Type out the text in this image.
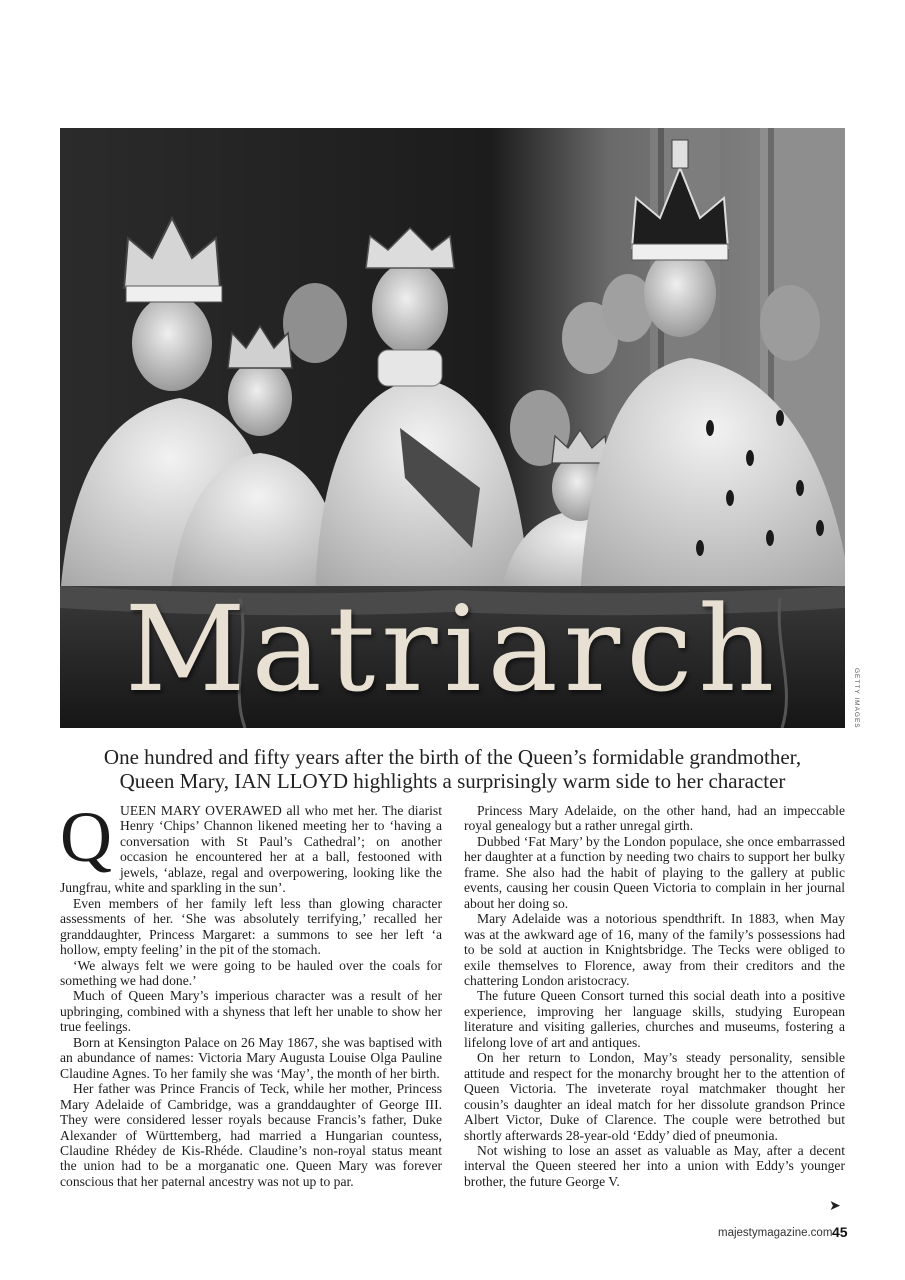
GETTY IMAGES
Matriarch
One hundred and fifty years after the birth of the Queen’s formidable grandmother,
Queen Mary, IAN LLOYD highlights a surprisingly warm side to her character

QUEEN MARY OVERAWED all who met her. The diarist Henry ‘Chips’ Channon likened meeting her to ‘having a conversation with St Paul’s Cathedral’; on another occasion he encountered her at a ball, festooned with jewels, ‘ablaze, regal and overpowering, looking like the Jungfrau, white and sparkling in the sun’.

Even members of her family left less than glowing character assessments of her. ‘She was absolutely terrifying,’ recalled her granddaughter, Princess Margaret: a summons to see her left ‘a hollow, empty feeling’ in the pit of the stomach.

‘We always felt we were going to be hauled over the coals for something we had done.’

Much of Queen Mary’s imperious character was a result of her upbringing, combined with a shyness that left her unable to show her true feelings.

Born at Kensington Palace on 26 May 1867, she was baptised with an abundance of names: Victoria Mary Augusta Louise Olga Pauline Claudine Agnes. To her family she was ‘May’, the month of her birth.

Her father was Prince Francis of Teck, while her mother, Princess Mary Adelaide of Cambridge, was a granddaughter of George III. They were considered lesser royals because Francis’s father, Duke Alexander of Württemberg, had married a Hungarian countess, Claudine Rhédey de Kis-Rhéde. Claudine’s non-royal status meant the union had to be a morganatic one. Queen Mary was forever conscious that her paternal ancestry was not up to par.

Princess Mary Adelaide, on the other hand, had an impeccable royal genealogy but a rather unregal girth.

Dubbed ‘Fat Mary’ by the London populace, she once embarrassed her daughter at a function by needing two chairs to support her bulky frame. She also had the habit of playing to the gallery at public events, causing her cousin Queen Victoria to complain in her journal about her doing so.

Mary Adelaide was a notorious spendthrift. In 1883, when May was at the awkward age of 16, many of the family’s possessions had to be sold at auction in Knightsbridge. The Tecks were obliged to exile themselves to Florence, away from their creditors and the chattering London aristocracy.

The future Queen Consort turned this social death into a positive experience, improving her language skills, studying European literature and visiting galleries, churches and museums, fostering a lifelong love of art and antiques.

On her return to London, May’s steady personality, sensible attitude and respect for the monarchy brought her to the attention of Queen Victoria. The inveterate royal matchmaker thought her cousin’s daughter an ideal match for her dissolute grandson Prince Albert Victor, Duke of Clarence. The couple were betrothed but shortly afterwards 28-year-old ‘Eddy’ died of pneumonia.

Not wishing to lose an asset as valuable as May, after a decent interval the Queen steered her into a union with Eddy’s younger brother, the future George V.

➤
majestymagazine.com 45
